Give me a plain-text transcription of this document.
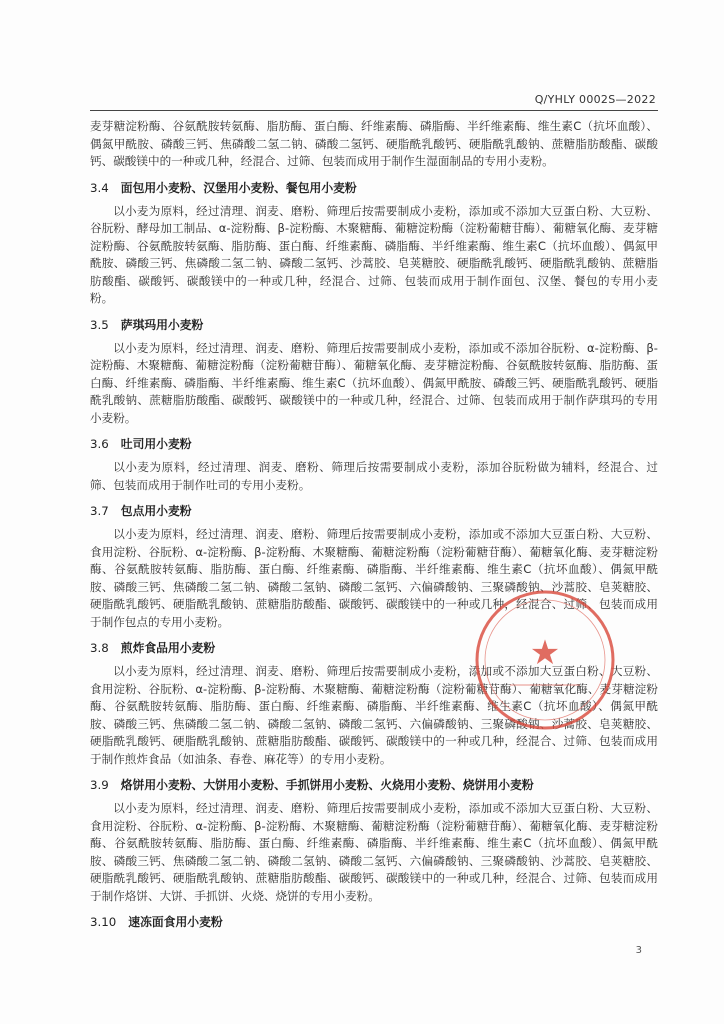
Q/YHLY 0002S—2022

麦芽糖淀粉酶、谷氨酰胺转氨酶、脂肪酶、蛋白酶、纤维素酶、磷脂酶、半纤维素酶、维生素C（抗坏血酸）、偶氮甲酰胺、磷酸三钙、焦磷酸二氢二钠、磷酸二氢钙、硬脂酰乳酸钙、硬脂酰乳酸钠、蔗糖脂肪酸酯、碳酸钙、碳酸镁中的一种或几种，经混合、过筛、包装而成用于制作生湿面制品的专用小麦粉。

3.4 面包用小麦粉、汉堡用小麦粉、餐包用小麦粉

以小麦为原料，经过清理、润麦、磨粉、筛理后按需要制成小麦粉，添加或不添加大豆蛋白粉、大豆粉、谷朊粉、酵母加工制品、α-淀粉酶、β-淀粉酶、木聚糖酶、葡糖淀粉酶（淀粉葡糖苷酶）、葡糖氧化酶、麦芽糖淀粉酶、谷氨酰胺转氨酶、脂肪酶、蛋白酶、纤维素酶、磷脂酶、半纤维素酶、维生素C（抗坏血酸）、偶氮甲酰胺、磷酸三钙、焦磷酸二氢二钠、磷酸二氢钙、沙蒿胶、皂荚糖胶、硬脂酰乳酸钙、硬脂酰乳酸钠、蔗糖脂肪酸酯、碳酸钙、碳酸镁中的一种或几种，经混合、过筛、包装而成用于制作面包、汉堡、餐包的专用小麦粉。

3.5 萨琪玛用小麦粉

以小麦为原料，经过清理、润麦、磨粉、筛理后按需要制成小麦粉，添加或不添加谷朊粉、α-淀粉酶、β-淀粉酶、木聚糖酶、葡糖淀粉酶（淀粉葡糖苷酶）、葡糖氧化酶、麦芽糖淀粉酶、谷氨酰胺转氨酶、脂肪酶、蛋白酶、纤维素酶、磷脂酶、半纤维素酶、维生素C（抗坏血酸）、偶氮甲酰胺、磷酸三钙、硬脂酰乳酸钙、硬脂酰乳酸钠、蔗糖脂肪酸酯、碳酸钙、碳酸镁中的一种或几种，经混合、过筛、包装而成用于制作萨琪玛的专用小麦粉。

3.6 吐司用小麦粉

以小麦为原料，经过清理、润麦、磨粉、筛理后按需要制成小麦粉，添加谷朊粉做为辅料，经混合、过筛、包装而成用于制作吐司的专用小麦粉。

3.7 包点用小麦粉

以小麦为原料，经过清理、润麦、磨粉、筛理后按需要制成小麦粉，添加或不添加大豆蛋白粉、大豆粉、食用淀粉、谷朊粉、α-淀粉酶、β-淀粉酶、木聚糖酶、葡糖淀粉酶（淀粉葡糖苷酶）、葡糖氧化酶、麦芽糖淀粉酶、谷氨酰胺转氨酶、脂肪酶、蛋白酶、纤维素酶、磷脂酶、半纤维素酶、维生素C（抗坏血酸）、偶氮甲酰胺、磷酸三钙、焦磷酸二氢二钠、磷酸二氢钠、磷酸二氢钙、六偏磷酸钠、三聚磷酸钠、沙蒿胶、皂荚糖胶、硬脂酰乳酸钙、硬脂酰乳酸钠、蔗糖脂肪酸酯、碳酸钙、碳酸镁中的一种或几种，经混合、过筛、包装而成用于制作包点的专用小麦粉。

3.8 煎炸食品用小麦粉

以小麦为原料，经过清理、润麦、磨粉、筛理后按需要制成小麦粉，添加或不添加大豆蛋白粉、大豆粉、食用淀粉、谷朊粉、α-淀粉酶、β-淀粉酶、木聚糖酶、葡糖淀粉酶（淀粉葡糖苷酶）、葡糖氧化酶、麦芽糖淀粉酶、谷氨酰胺转氨酶、脂肪酶、蛋白酶、纤维素酶、磷脂酶、半纤维素酶、维生素C（抗坏血酸）、偶氮甲酰胺、磷酸三钙、焦磷酸二氢二钠、磷酸二氢钠、磷酸二氢钙、六偏磷酸钠、三聚磷酸钠、沙蒿胶、皂荚糖胶、硬脂酰乳酸钙、硬脂酰乳酸钠、蔗糖脂肪酸酯、碳酸钙、碳酸镁中的一种或几种，经混合、过筛、包装而成用于制作煎炸食品（如油条、春卷、麻花等）的专用小麦粉。

3.9 烙饼用小麦粉、大饼用小麦粉、手抓饼用小麦粉、火烧用小麦粉、烧饼用小麦粉

以小麦为原料，经过清理、润麦、磨粉、筛理后按需要制成小麦粉，添加或不添加大豆蛋白粉、大豆粉、食用淀粉、谷朊粉、α-淀粉酶、β-淀粉酶、木聚糖酶、葡糖淀粉酶（淀粉葡糖苷酶）、葡糖氧化酶、麦芽糖淀粉酶、谷氨酰胺转氨酶、脂肪酶、蛋白酶、纤维素酶、磷脂酶、半纤维素酶、维生素C（抗坏血酸）、偶氮甲酰胺、磷酸三钙、焦磷酸二氢二钠、磷酸二氢钠、磷酸二氢钙、六偏磷酸钠、三聚磷酸钠、沙蒿胶、皂荚糖胶、硬脂酰乳酸钙、硬脂酰乳酸钠、蔗糖脂肪酸酯、碳酸钙、碳酸镁中的一种或几种，经混合、过筛、包装而成用于制作烙饼、大饼、手抓饼、火烧、烧饼的专用小麦粉。

3.10 速冻面食用小麦粉
★
3
